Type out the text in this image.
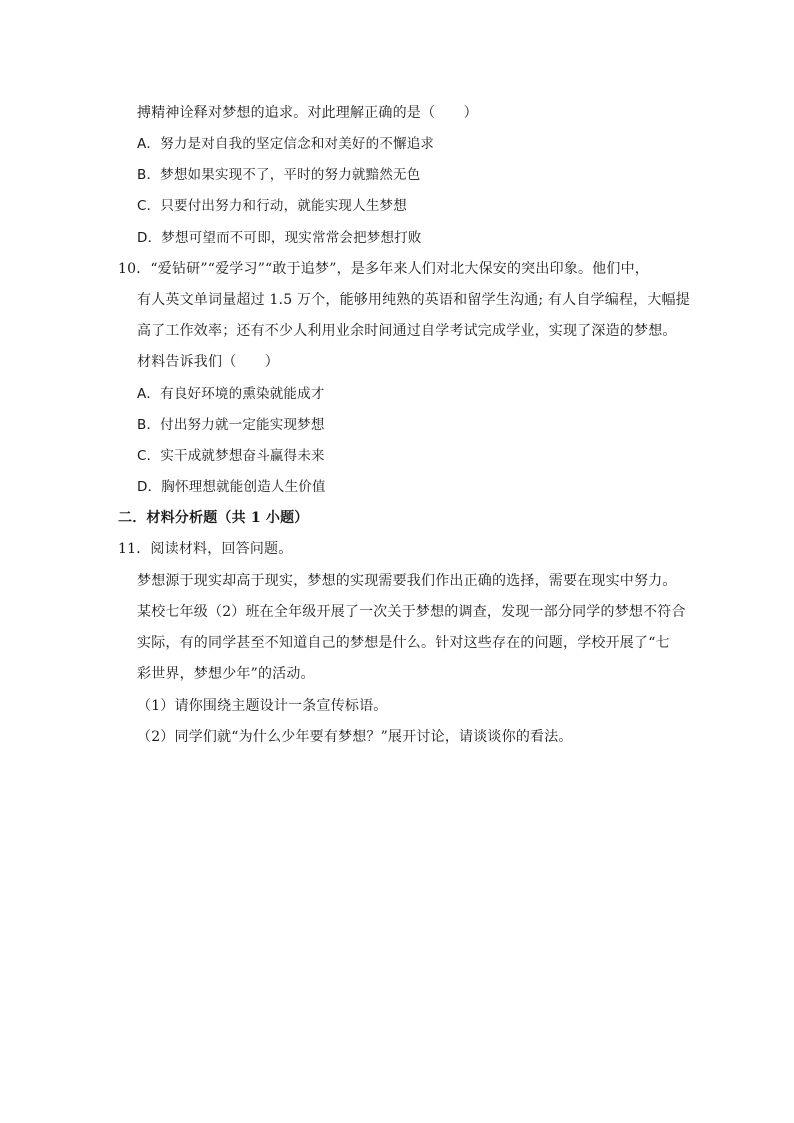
搏精神诠释对梦想的追求。对此理解正确的是（　　）
A．努力是对自我的坚定信念和对美好的不懈追求
B．梦想如果实现不了，平时的努力就黯然无色
C．只要付出努力和行动，就能实现人生梦想
D．梦想可望而不可即，现实常常会把梦想打败
10．“爱钻研”“爱学习”“敢于追梦”，是多年来人们对北大保安的突出印象。他们中，
有人英文单词量超过 1.5 万个，能够用纯熟的英语和留学生沟通; 有人自学编程，大幅提
高了工作效率；还有不少人利用业余时间通过自学考试完成学业，实现了深造的梦想。
材料告诉我们（　　）
A．有良好环境的熏染就能成才
B．付出努力就一定能实现梦想
C．实干成就梦想奋斗赢得未来
D．胸怀理想就能创造人生价值
二．材料分析题（共 1 小题）
11．阅读材料，回答问题。
梦想源于现实却高于现实，梦想的实现需要我们作出正确的选择，需要在现实中努力。
某校七年级（2）班在全年级开展了一次关于梦想的调查，发现一部分同学的梦想不符合
实际，有的同学甚至不知道自己的梦想是什么。针对这些存在的问题，学校开展了“七
彩世界，梦想少年”的活动。
（1）请你围绕主题设计一条宣传标语。
（2）同学们就“为什么少年要有梦想？”展开讨论，请谈谈你的看法。
